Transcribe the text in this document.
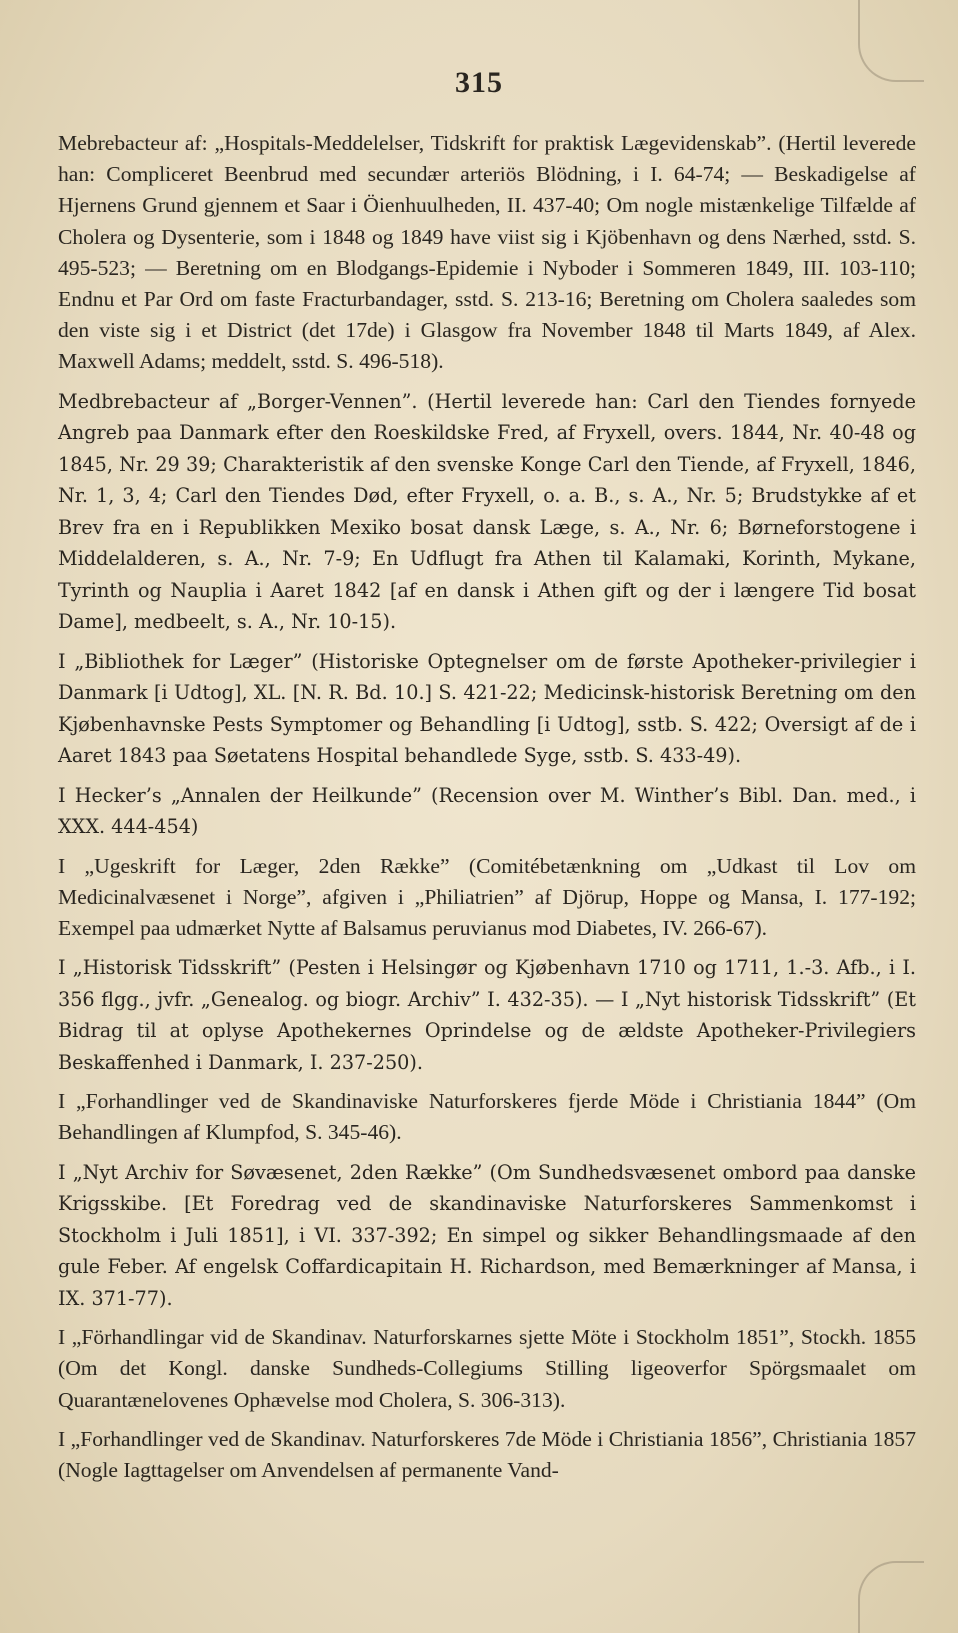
315

Mebrebacteur af: „Hospitals-Meddelelser, Tidskrift for praktisk Lægevidenskab”. (Hertil leverede han: Compliceret Beenbrud med secundær arteriös Blödning, i I. 64-74; — Beskadigelse af Hjernens Grund gjennem et Saar i Öienhuulheden, II. 437-40; Om nogle mistænkelige Tilfælde af Cholera og Dysenterie, som i 1848 og 1849 have viist sig i Kjöbenhavn og dens Nærhed, sstd. S. 495-523; — Beretning om en Blodgangs-Epidemie i Nyboder i Sommeren 1849, III. 103-110; Endnu et Par Ord om faste Fracturbandager, sstd. S. 213-16; Beretning om Cholera saaledes som den viste sig i et District (det 17de) i Glasgow fra November 1848 til Marts 1849, af Alex. Maxwell Adams; meddelt, sstd. S. 496-518).

Medbrebacteur af „Borger-Vennen”. (Hertil leverede han: Carl den Tiendes fornyede Angreb paa Danmark efter den Roeskildske Fred, af Fryxell, overs. 1844, Nr. 40-48 og 1845, Nr. 29 39; Charakteristik af den svenske Konge Carl den Tiende, af Fryxell, 1846, Nr. 1, 3, 4; Carl den Tiendes Død, efter Fryxell, o. a. B., s. A., Nr. 5; Brudstykke af et Brev fra en i Republikken Mexiko bosat dansk Læge, s. A., Nr. 6; Børneforstogene i Middelalderen, s. A., Nr. 7-9; En Udflugt fra Athen til Kalamaki, Korinth, Mykane, Tyrinth og Nauplia i Aaret 1842 [af en dansk i Athen gift og der i længere Tid bosat Dame], medbeelt, s. A., Nr. 10-15).

I „Bibliothek for Læger” (Historiske Optegnelser om de første Apotheker-privilegier i Danmark [i Udtog], XL. [N. R. Bd. 10.] S. 421-22; Medicinsk-historisk Beretning om den Kjøbenhavnske Pests Symptomer og Behandling [i Udtog], sstb. S. 422; Oversigt af de i Aaret 1843 paa Søetatens Hospital behandlede Syge, sstb. S. 433-49).

I Hecker’s „Annalen der Heilkunde” (Recension over M. Winther’s Bibl. Dan. med., i XXX. 444-454)

I „Ugeskrift for Læger, 2den Række” (Comitébetænkning om „Udkast til Lov om Medicinalvæsenet i Norge”, afgiven i „Philiatrien” af Djörup, Hoppe og Mansa, I. 177-192; Exempel paa udmærket Nytte af Balsamus peruvianus mod Diabetes, IV. 266-67).

I „Historisk Tidsskrift” (Pesten i Helsingør og Kjøbenhavn 1710 og 1711, 1.-3. Afb., i I. 356 flgg., jvfr. „Genealog. og biogr. Archiv” I. 432-35). — I „Nyt historisk Tidsskrift” (Et Bidrag til at oplyse Apothekernes Oprindelse og de ældste Apotheker-Privilegiers Beskaffenhed i Danmark, I. 237-250).

I „Forhandlinger ved de Skandinaviske Naturforskeres fjerde Möde i Christiania 1844” (Om Behandlingen af Klumpfod, S. 345-46).

I „Nyt Archiv for Søvæsenet, 2den Række” (Om Sundhedsvæsenet ombord paa danske Krigsskibe. [Et Foredrag ved de skandinaviske Naturforskeres Sammenkomst i Stockholm i Juli 1851], i VI. 337-392; En simpel og sikker Behandlingsmaade af den gule Feber. Af engelsk Coffardicapitain H. Richardson, med Bemærkninger af Mansa, i IX. 371-77).

I „Förhandlingar vid de Skandinav. Naturforskarnes sjette Möte i Stockholm 1851”, Stockh. 1855 (Om det Kongl. danske Sundheds-Collegiums Stilling ligeoverfor Spörgsmaalet om Quarantænelovenes Ophævelse mod Cholera, S. 306-313).

I „Forhandlinger ved de Skandinav. Naturforskeres 7de Möde i Christiania 1856”, Christiania 1857 (Nogle Iagttagelser om Anvendelsen af permanente Vand-
